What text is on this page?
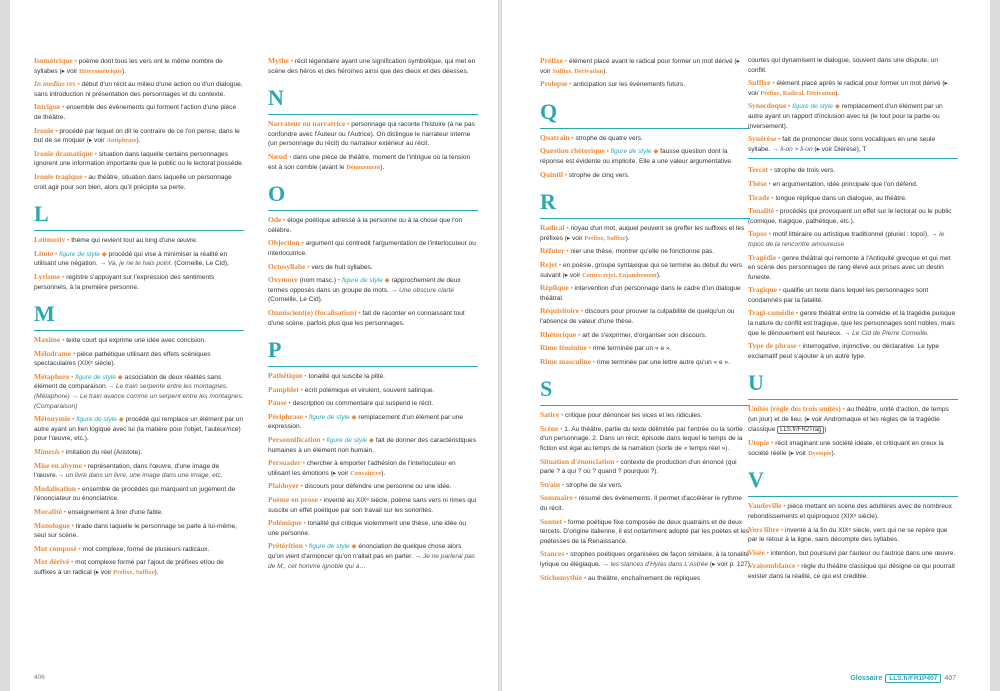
Isométrique • poème dont tous les vers ont le même nombre de syllabes (▸ voir Hétérométrique).
In medias res • début d'un récit au milieu d'une action ou d'un dialogue, sans introduction ni présentation des personnages et du contexte.
Intrigue • ensemble des événements qui forment l'action d'une pièce de théâtre.
Ironie • procédé par lequel on dit le contraire de ce l'on pense, dans le but de se moquer (▸ voir Antiphrase).
Ironie dramatique • situation dans laquelle certains personnages ignorent une information importante que le public ou le lectorat possède.
Ironie tragique • au théâtre, situation dans laquelle un personnage croit agir pour son bien, alors qu'il précipite sa perte.
L
Leitmotiv • thème qui revient tout au long d'une œuvre.
Litote • figure de style ◆ procédé qui vise à minimiser la réalité en utilisant une négation. → Va, je ne te hais point. (Corneille, Le Cid),
Lyrisme • registre s'appuyant sur l'expression des sentiments personnels, à la première personne.
M
Maxime • texte court qui exprime une idée avec concision.
Mélodrame • pièce pathétique utilisant des effets scéniques spectaculaires (XIXᵉ siècle).
Métaphore • figure de style ◆ association de deux réalités sans élément de comparaison.→ Le train serpente entre les montagnes. (Métaphore) → Le train avance comme un serpent entre les montagnes. (Comparaison)
Métonymie • figure de style ◆ procédé qui remplace un élément par un autre ayant un lien logique avec lui (la matière pour l'objet, l'auteur/rice) pour l'œuvre, etc.).
Mimesis • imitation du réel (Aristote).
Mise en abyme • représentation, dans l'œuvre, d'une image de l'œuvre.→ un livre dans un livre, une image dans une image, etc.
Modalisation • ensemble de procédés qui marquent un jugement de l'énonciateur ou énonciatrice.
Moralité • enseignement à tirer d'une fable.
Monologue • tirade dans laquelle le personnage se parle à lui-même, seul sur scène.
Mot composé • mot complexe, formé de plusieurs radicaux.
Mot dérivé • mot complexe formé par l'ajout de préfixes et/ou de suffixes à un radical (▸ voir Préfixe, Suffixe).
Mythe • récit légendaire ayant une signification symbolique, qui met en scène des héros et des héroïnes ainsi que des dieux et des déesses.
N
Narrateur ou narratrice • personnage qui raconte l'histoire (à ne pas confondre avec l'Auteur ou l'Autrice). On distingue le narrateur interne (un personnage du récit) du narrateur extérieur au récit.
Nœud • dans une pièce de théâtre, moment de l'intrigue où la tension est à son comble (avant le Dénouement).
O
Ode • éloge poétique adressé à la personne ou à la chose que l'on célèbre.
Objection • argument qui contredit l'argumentation de l'interlocuteur ou interlocutrice.
Octosyllabe • vers de huit syllabes.
Oxymore (nom masc.) • figure de style ◆ rapprochement de deux termes opposés dans un groupe de mots. → Une obscure clarté (Corneille, Le Cid).
Omniscient(e) (focalisation) • fait de raconter en connaissant tout d'une scène, parfois plus que les personnages.
P
Pathétique • tonalité qui suscite la pitié.
Pamphlet • écrit polémique et virulent, souvent satirique.
Pause • description ou commentaire qui suspend le récit.
Périphrase • figure de style ◆ remplacement d'un élément par une expression.
Personnification • figure de style ◆ fait de donner des caractéristiques humaines à un élément non humain.
Persuader • chercher à emporter l'adhésion de l'interlocuteur en utilisant les émotions (▸ voir Convaincre).
Plaidoyer • discours pour défendre une personne ou une idée.
Poème en prose • inventé au XIXᵉ siècle, poème sans vers ni rimes qui suscite un effet poétique par son travail sur les sonorités.
Polémique • tonalité qui critique violemment une thèse, une idée ou une personne.
Prétérition • figure de style ◆ énonciation de quelque chose alors qu'on vient d'annoncer qu'on n'allait pas en parler. → Je ne parlerai pas de M., cet homme ignoble qui a…
406
Préfixe • élément placé avant le radical pour former un mot dérivé (▸ voir Suffixe, Dérivation).
Prolepse • anticipation sur les événements futurs.
Q
Quatrain • strophe de quatre vers.
Question rhétorique • figure de style ◆ fausse question dont la réponse est évidente ou implicite. Elle a une valeur argumentative.
Quintil • strophe de cinq vers.
R
Radical • noyau d'un mot, auquel peuvent se greffer les suffixes et les préfixes (▸ voir Préfixe, Suffixe).
Réfuter • nier une thèse, montrer qu'elle ne fonctionne pas.
Rejet • en poésie, groupe syntaxique qui se termine au début du vers suivant (▸ voir Contre-rejet, Enjambement).
Réplique • intervention d'un personnage dans le cadre d'un dialogue théâtral.
Réquisitoire • discours pour prouver la culpabilité de quelqu'un ou l'absence de valeur d'une thèse.
Rhétorique • art de s'exprimer, d'organiser son discours.
Rime féminine • rime terminée par un « e ».
Rime masculine • rime terminée par une lettre autre qu'un « e ».
S
Satire • critique pour dénoncer les vices et les ridicules.
Scène • 1. Au théâtre, partie du texte délimitée par l'entrée ou la sortie d'un personnage. 2. Dans un récit, épisode dans lequel le temps de la fiction est égal au temps de la narration (sorte de « temps réel »).
Situation d'énonciation • contexte de production d'un énoncé (qui parle ? à qui ? où ? quand ? pourquoi ?).
Strain • strophe de six vers.
Sommaire • résumé des événements. Il permet d'accélérer le rythme du récit.
Sonnet • forme poétique fixe composée de deux quatrains et de deux tercets. D'origine italienne, il est notamment adopté par les poètes et les poétesses de la Renaissance.
Stances • strophes poétiques organisées de façon similaire, à la tonalité lyrique ou élégiaque. → les stances d'Hylas dans L'Astrée (▸ voir p. 127)
Stichomythie • au théâtre, enchaînement de répliques
courtes qui dynamisent le dialogue, souvent dans une dispute, un conflit.
Suffixe • élément placé après le radical pour former un mot dérivé (▸ voir Préfixe, Radical, Dérivation).
Synecdoque • figure de style ◆ remplacement d'un élément par un autre ayant un rapport d'inclusion avec lui (le tout pour la partie ou inversement).
Synérèse • fait de prononcer deux sons vocaliques en une seule syllabe. → li-on > li-on (▸ voir Diérèse), T
Tercet • strophe de trois vers.
Thèse • en argumentation, idée principale que l'on défend.
Tirade • longue réplique dans un dialogue, au théâtre.
Tonalité • procédés qui provoquent un effet sur le lectorat ou le public (comique, tragique, pathétique, etc.).
Topos • motif littéraire ou artistique traditionnel (pluriel : topoï). → le topos de la rencontre amoureuse
Tragédie • genre théâtral qui remonte à l'Antiquité grecque et qui met en scène des personnages de rang élevé aux prises avec un destin funeste.
Tragique • qualifie un texte dans lequel les personnages sont condamnés par la fatalité.
Tragi-comédie • genre théâtral entre la comédie et la tragédie puisque la nature du conflit est tragique, que les personnages sont nobles, mais que le dénouement est heureux. → Le Cid de Pierre Corneille.
Type de phrase • interrogative, injonctive, ou déclarative. Le type exclamatif peut s'ajouter à un autre type.
U
Unités (règle des trois unités) • au théâtre, unité d'action, de temps (un jour) et de lieu. (▸ voir Andromaque et les règles de la tragédie classique LLS.fr/FR2Trag )
Utopie • récit imaginant une société idéale, et critiquant en creux la société réelle (▸ voir Dystopie).
V
Vaudeville • pièce mettant en scène des adultères avec de nombreux rebondissements et quiproquos (XIXᵉ siècle).
Vers libre • inventé à la fin du XIXᵉ siècle, vers qui ne se repère que par le retour à la ligne, sans décompte des syllabes.
Visée • intention, but poursuivi par l'auteur ou l'autrice dans une œuvre.
Vraisemblance • règle du théâtre classique qui désigne ce qui pourrait exister dans la réalité, ce qui est crédible.
Glossaire	LLS.fr/FR1P407	407
